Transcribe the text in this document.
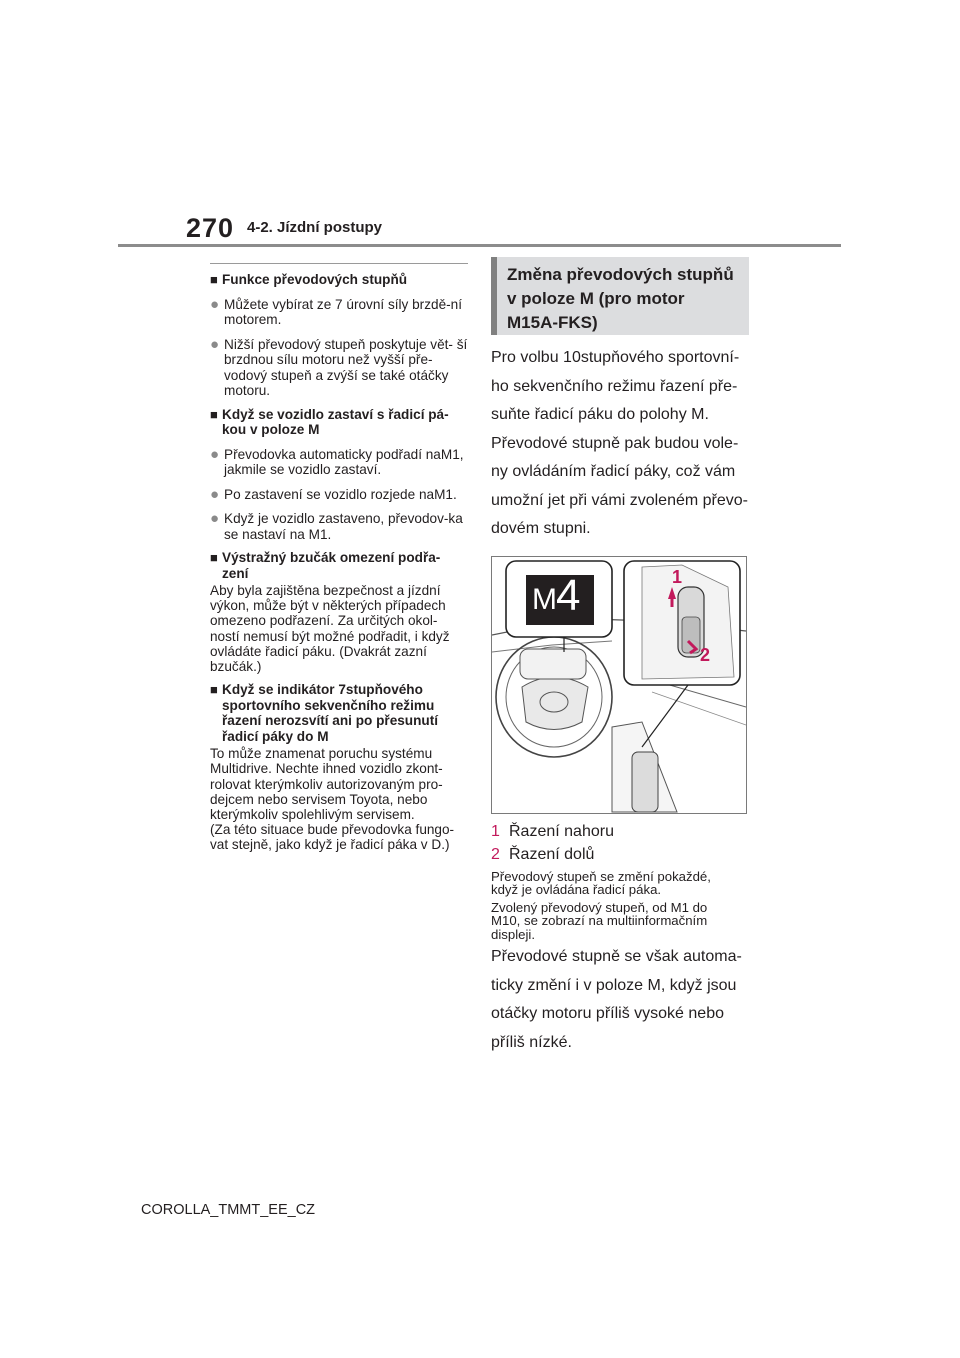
270 4-2. Jízdní postupy
■ Funkce převodových stupňů
● Můžete vybírat ze 7 úrovní síly brzdě-ní motorem.
● Nižší převodový stupeň poskytuje vět- ší brzdnou sílu motoru než vyšší pře- vodový stupeň a zvýší se také otáčky motoru.
■ Když se vozidlo zastaví s řadicí pá-
kou v poloze M
● Převodovka automaticky podřadí naM1, jakmile se vozidlo zastaví.
● Po zastavení se vozidlo rozjede naM1.
● Když je vozidlo zastaveno, převodov-ka se nastaví na M1.
■ Výstražný bzučák omezení podřa-
zení
Aby byla zajištěna bezpečnost a jízdní
výkon, může být v některých případech
omezeno podřazení. Za určitých okol-
ností nemusí být možné podřadit, i když
ovládáte řadicí páku. (Dvakrát zazní
bzučák.)
■ Když se indikátor 7stupňového
sportovního sekvenčního režimu
řazení nerozsvítí ani po přesunutí
řadicí páky do M
To může znamenat poruchu systému
Multidrive. Nechte ihned vozidlo zkont-
rolovat kterýmkoliv autorizovaným pro-
dejcem nebo servisem Toyota, nebo
kterýmkoliv spolehlivým servisem.
(Za této situace bude převodovka fungo-
vat stejně, jako když je řadicí páka v D.)
Změna převodových stupňů
v poloze M (pro motor
M15A-FKS)
Pro volbu 10stupňového sportovní-
ho sekvenčního režimu řazení pře-
suňte řadicí páku do polohy M.
Převodové stupně pak budou vole-
ny ovládáním řadicí páky, což vám
umožní jet při vámi zvoleném převo-
dovém stupni.
M 4	1
2
1 Řazení nahoru
2 Řazení dolů
Převodový stupeň se změní pokaždé,
když je ovládána řadicí páka.
Zvolený převodový stupeň, od M1 do
M10, se zobrazí na multiinformačním
displeji.
Převodové stupně se však automa-
ticky změní i v poloze M, když jsou
otáčky motoru příliš vysoké nebo
příliš nízké.
COROLLA_TMMT_EE_CZ
